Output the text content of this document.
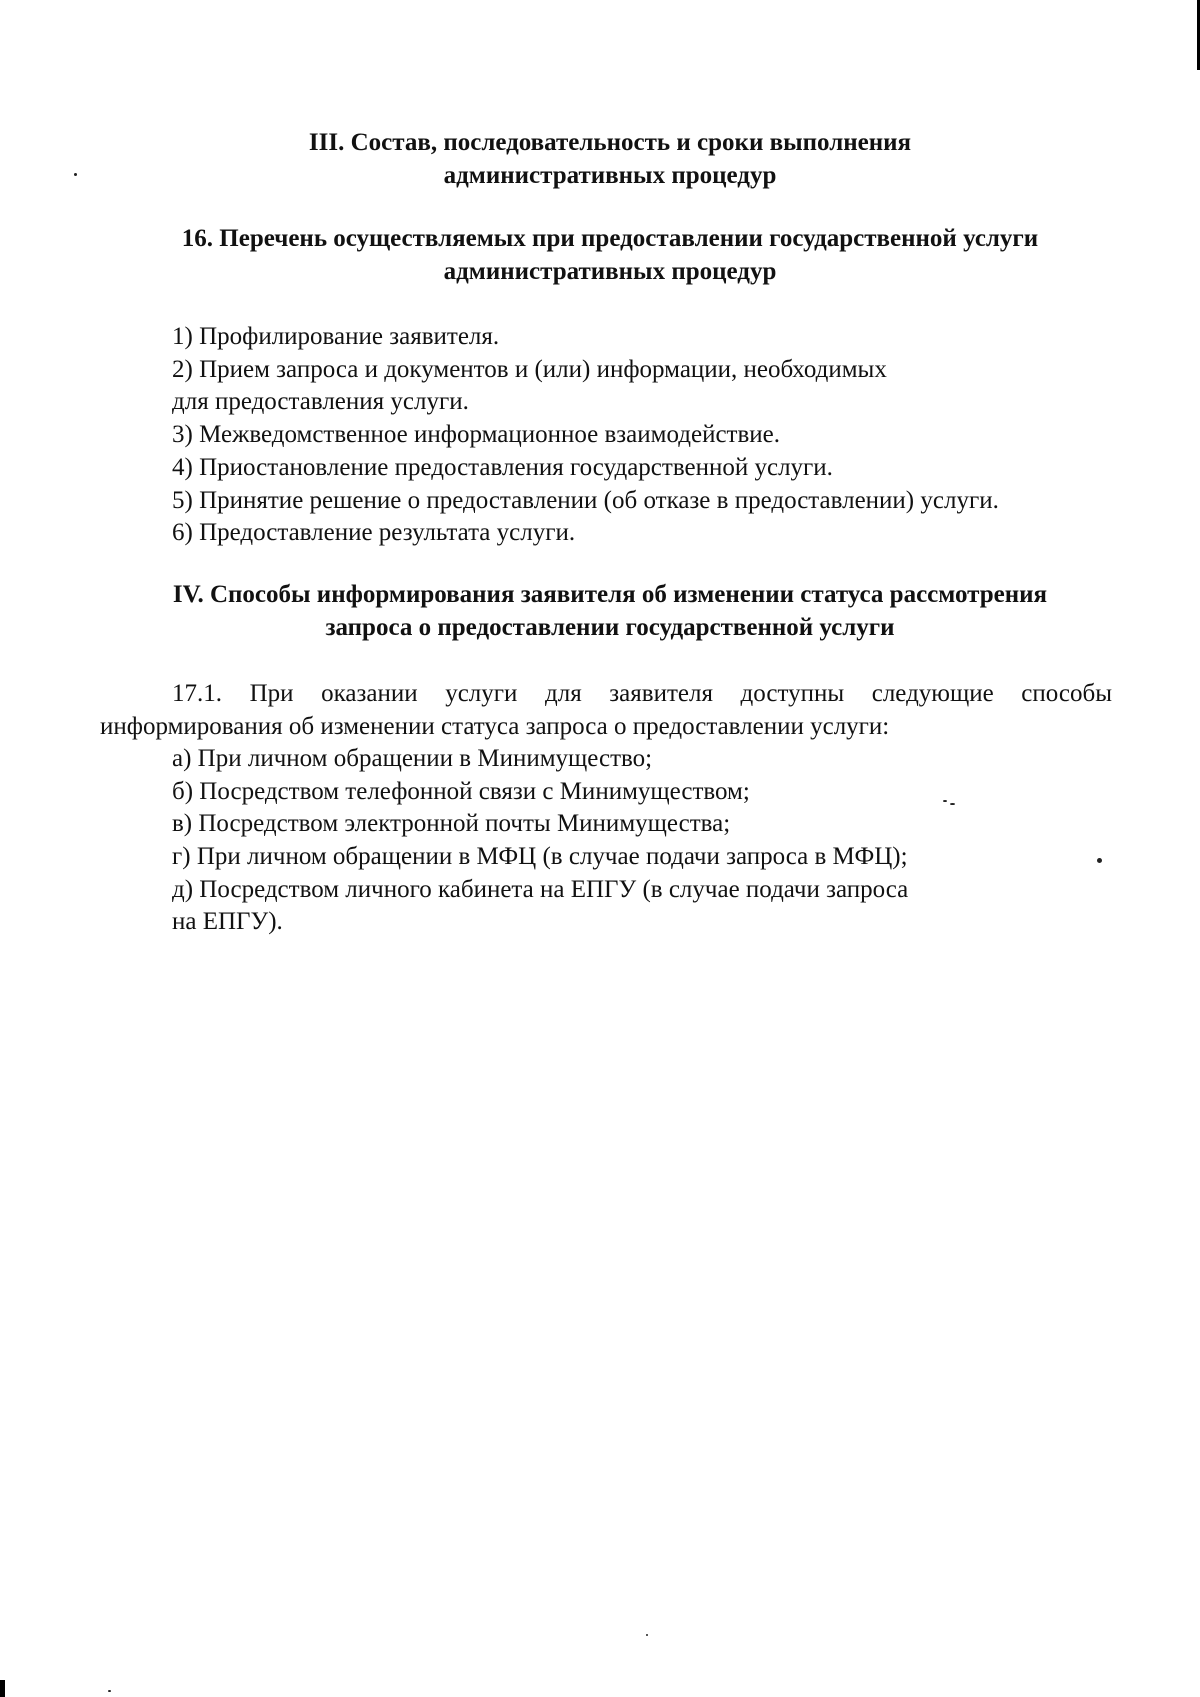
III. Состав, последовательность и сроки выполнения
административных процедур
16. Перечень осуществляемых при предоставлении государственной услуги
административных процедур

1) Профилирование заявителя.

2) Прием запроса и документов и (или) информации, необходимых

для предоставления услуги.

3) Межведомственное информационное взаимодействие.

4) Приостановление предоставления государственной услуги.

5) Принятие решение о предоставлении (об отказе в предоставлении) услуги.

6) Предоставление результата услуги.

IV. Способы информирования заявителя об изменении статуса рассмотрения
запроса о предоставлении государственной услуги
17.1. При оказании услуги для заявителя доступны следующие способы
информирования об изменении статуса запроса о предоставлении услуги:

а) При личном обращении в Минимущество;

б) Посредством телефонной связи с Минимуществом;

в) Посредством электронной почты Минимущества;

г) При личном обращении в МФЦ (в случае подачи запроса в МФЦ);

д) Посредством личного кабинета на ЕПГУ (в случае подачи запроса

на ЕПГУ).
